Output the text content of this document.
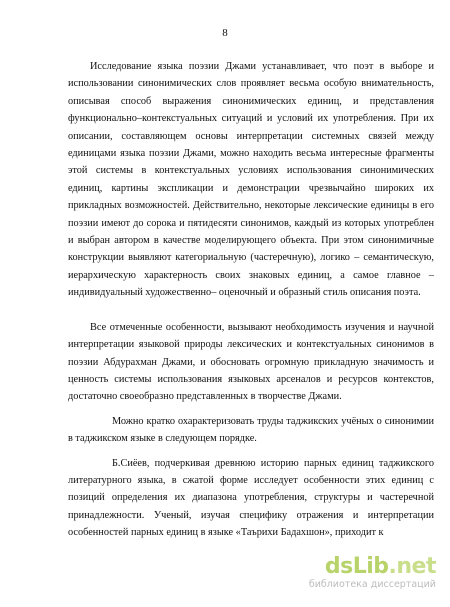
8

Исследование языка поэзии Джами устанавливает, что поэт в выборе и использовании синонимических слов проявляет весьма особую внимательность, описывая способ выражения синонимических единиц, и представления функционально–контекстуальных ситуаций и условий их употребления. При их описании, составляющем основы интерпретации системных связей между единицами языка поэзии Джами, можно находить весьма интересные фрагменты этой системы в контекстуальных условиях использования синонимических единиц, картины экспликации и демонстрации чрезвычайно широких их прикладных возможностей. Действительно, некоторые лексические единицы в его поэзии имеют до сорока и пятидесяти синонимов, каждый из которых употреблен и выбран автором в качестве моделирующего объекта. При этом синонимичные конструкции выявляют категориальную (частеречную), логико – семантическую, иерархическую характерность своих знаковых единиц, а самое главное – индивидуальный художественно– оценочный и образный стиль описания поэта.

Все отмеченные особенности, вызывают необходимость изучения и научной интерпретации языковой природы лексических и контекстуальных синонимов в поэзии Абдурахман Джами, и обосновать огромную прикладную значимость и ценность системы использования языковых арсеналов и ресурсов контекстов, достаточно своеобразно представленных в творчестве Джами.

Можно кратко охарактеризовать труды таджикских учёных о синонимии в таджикском языке в следующем порядке.

Б.Сиёев, подчеркивая древнюю историю парных единиц таджикского литературного языка, в сжатой форме исследует особенности этих единиц с позиций определения их диапазона употребления, структуры и частеречной принадлежности. Ученый, изучая специфику отражения и интерпретации особенностей парных единиц в языке «Таърихи Бадахшон», приходит к

dsLib.net
библиотека диссертаций
